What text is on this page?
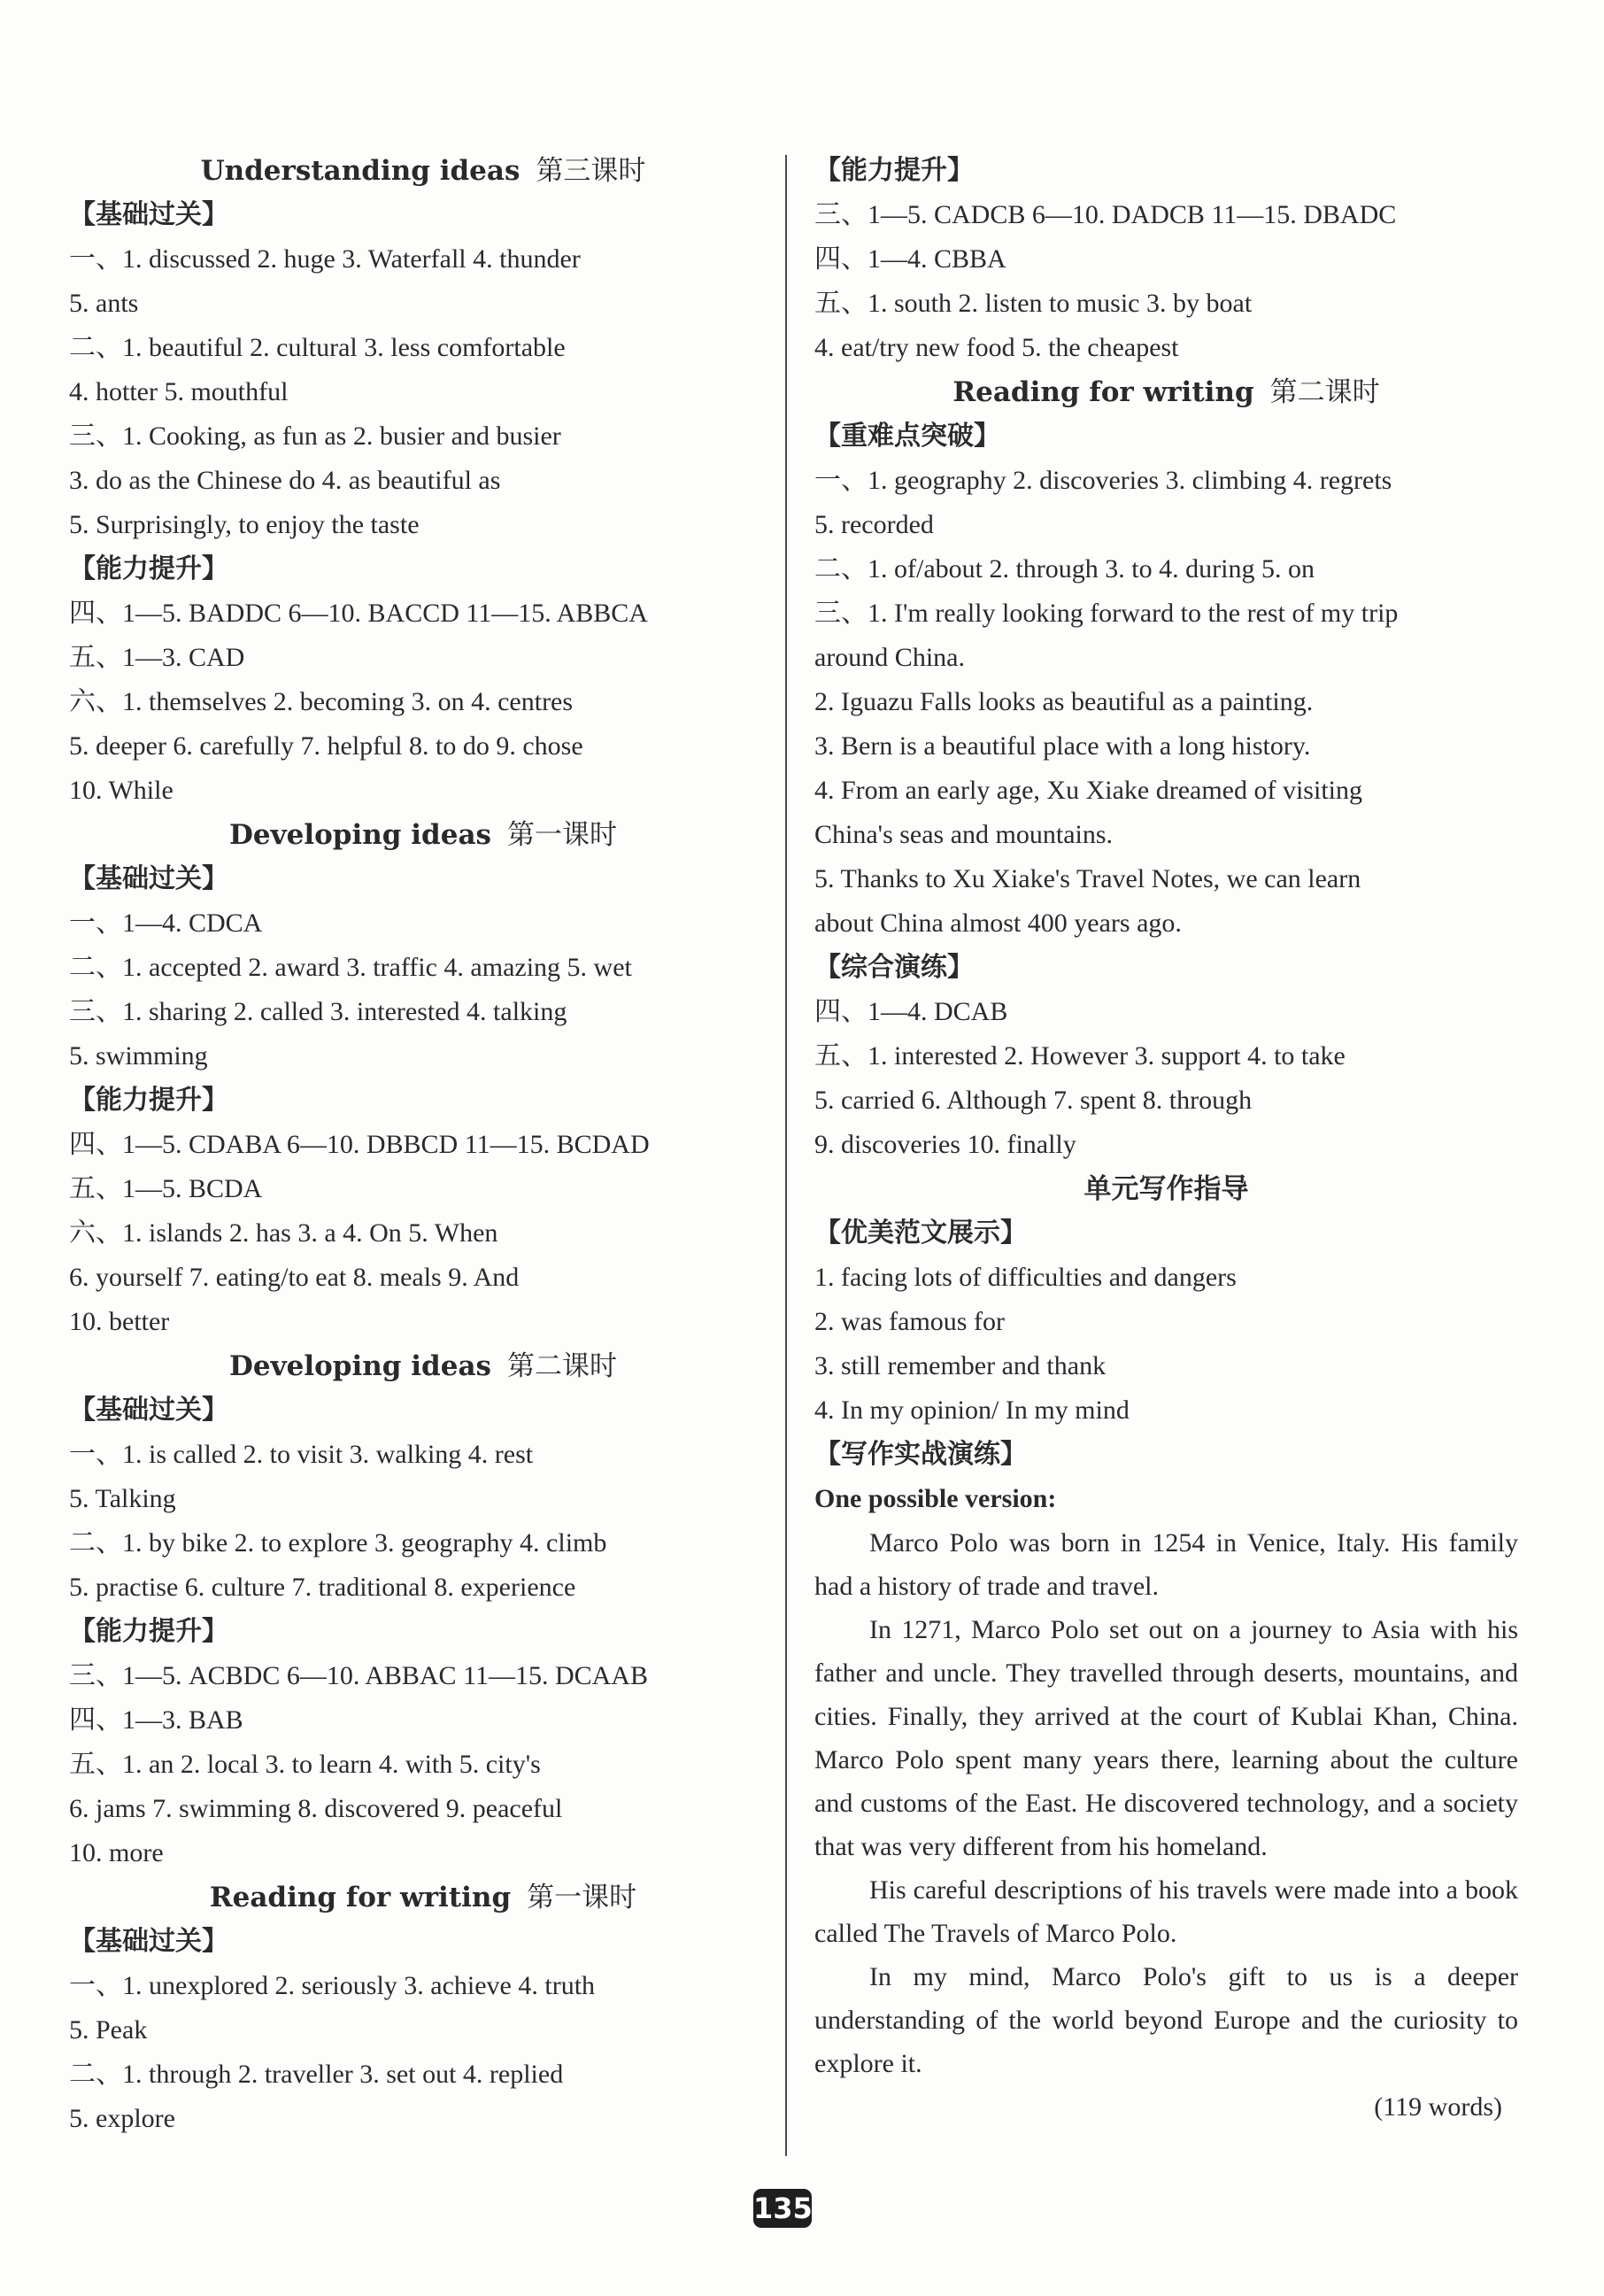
Understanding ideas 第三课时
【基础过关】
一、1. discussed 2. huge 3. Waterfall 4. thunder
5. ants
二、1. beautiful 2. cultural 3. less comfortable
4. hotter 5. mouthful
三、1. Cooking, as fun as 2. busier and busier
3. do as the Chinese do 4. as beautiful as
5. Surprisingly, to enjoy the taste
【能力提升】
四、1—5. BADDC 6—10. BACCD 11—15. ABBCA
五、1—3. CAD
六、1. themselves 2. becoming 3. on 4. centres
5. deeper 6. carefully 7. helpful 8. to do 9. chose
10. While
Developing ideas 第一课时
【基础过关】
一、1—4. CDCA
二、1. accepted 2. award 3. traffic 4. amazing 5. wet
三、1. sharing 2. called 3. interested 4. talking
5. swimming
【能力提升】
四、1—5. CDABA 6—10. DBBCD 11—15. BCDAD
五、1—5. BCDA
六、1. islands 2. has 3. a 4. On 5. When
6. yourself 7. eating/to eat 8. meals 9. And
10. better
Developing ideas 第二课时
【基础过关】
一、1. is called 2. to visit 3. walking 4. rest
5. Talking
二、1. by bike 2. to explore 3. geography 4. climb
5. practise 6. culture 7. traditional 8. experience
【能力提升】
三、1—5. ACBDC 6—10. ABBAC 11—15. DCAAB
四、1—3. BAB
五、1. an 2. local 3. to learn 4. with 5. city's
6. jams 7. swimming 8. discovered 9. peaceful
10. more
Reading for writing 第一课时
【基础过关】
一、1. unexplored 2. seriously 3. achieve 4. truth
5. Peak
二、1. through 2. traveller 3. set out 4. replied
5. explore
【能力提升】
三、1—5. CADCB 6—10. DADCB 11—15. DBADC
四、1—4. CBBA
五、1. south 2. listen to music 3. by boat
4. eat/try new food 5. the cheapest
Reading for writing 第二课时
【重难点突破】
一、1. geography 2. discoveries 3. climbing 4. regrets
5. recorded
二、1. of/about 2. through 3. to 4. during 5. on
三、1. I'm really looking forward to the rest of my trip
around China.
2. Iguazu Falls looks as beautiful as a painting.
3. Bern is a beautiful place with a long history.
4. From an early age, Xu Xiake dreamed of visiting
China's seas and mountains.
5. Thanks to Xu Xiake's Travel Notes, we can learn
about China almost 400 years ago.
【综合演练】
四、1—4. DCAB
五、1. interested 2. However 3. support 4. to take
5. carried 6. Although 7. spent 8. through
9. discoveries 10. finally
单元写作指导
【优美范文展示】
1. facing lots of difficulties and dangers
2. was famous for
3. still remember and thank
4. In my opinion/ In my mind
【写作实战演练】
One possible version:

Marco Polo was born in 1254 in Venice, Italy. His family had a history of trade and travel.

In 1271, Marco Polo set out on a journey to Asia with his father and uncle. They travelled through deserts, mountains, and cities. Finally, they arrived at the court of Kublai Khan, China. Marco Polo spent many years there, learning about the culture and customs of the East. He discovered technology, and a society that was very different from his homeland.

His careful descriptions of his travels were made into a book called The Travels of Marco Polo.

In my mind, Marco Polo's gift to us is a deeper understanding of the world beyond Europe and the curiosity to explore it.

(119 words)
135
